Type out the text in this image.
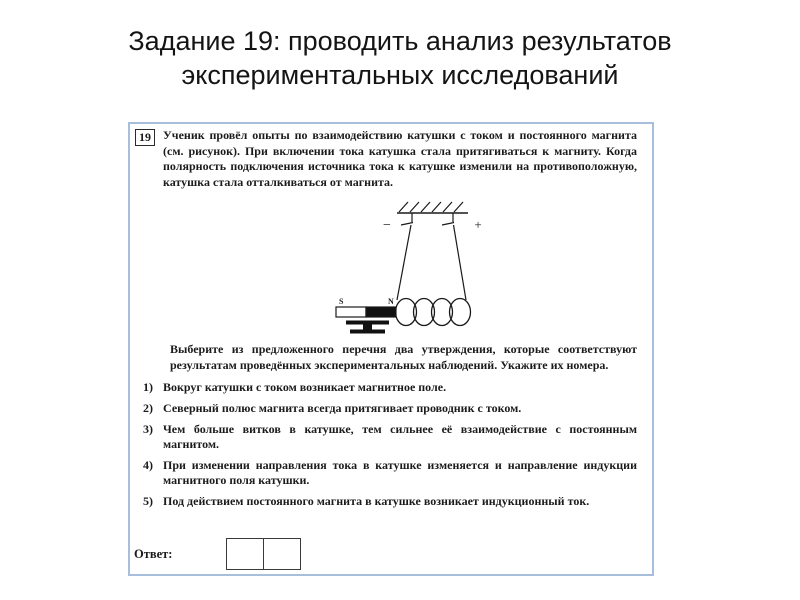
Задание 19: проводить анализ результатов
экспериментальных исследований
19	Ученик провёл опыты по взаимодействию катушки с током и постоянного магнита (см. рисунок). При включении тока катушка стала притягиваться к магниту. Когда полярность подключения источника тока к катушке изменили на противоположную, катушка стала отталкиваться от магнита.

−	+
S	N

Выберите из предложенного перечня два утверждения, которые соответствуют результатам проведённых экспериментальных наблюдений. Укажите их номера.

1) Вокруг катушки с током возникает магнитное поле.
2) Северный полюс магнита всегда притягивает проводник с током.
3) Чем больше витков в катушке, тем сильнее её взаимодействие с постоянным магнитом.
4) При изменении направления тока в катушке изменяется и направление индукции магнитного поля катушки.
5) Под действием постоянного магнита в катушке возникает индукционный ток.
Ответ:
